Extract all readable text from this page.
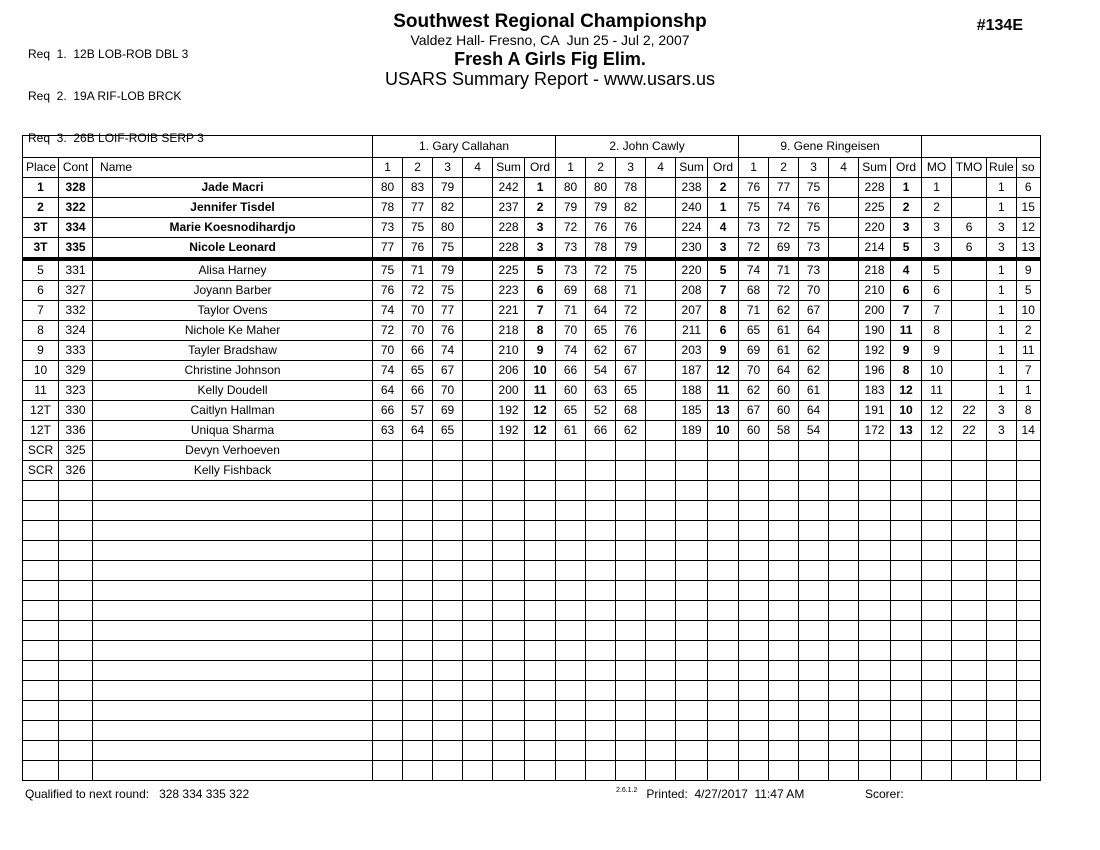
Req  1.  12B LOB-ROB DBL 3

Req  2.  19A RIF-LOB BRCK

Req  3.  26B LOIF-ROIB SERP 3

Southwest Regional Championshp
Valdez Hall- Fresno, CA  Jun 25 - Jul 2, 2007
Fresh A Girls Fig Elim.
USARS Summary Report - www.usars.us
#134E
			1. Gary Callahan						2. John Cawly						9. Gene Ringeisen									
Place	Cont	Name	1	2	3	4	Sum	Ord	1	2	3	4	Sum	Ord	1	2	3	4	Sum	Ord	MO	TMO	Rule	so
1	328	Jade Macri	80	83	79		242	1	80	80	78		238	2	76	77	75		228	1	1		1	6
2	322	Jennifer Tisdel	78	77	82		237	2	79	79	82		240	1	75	74	76		225	2	2		1	15
3T	334	Marie Koesnodihardjo	73	75	80		228	3	72	76	76		224	4	73	72	75		220	3	3	6	3	12
3T	335	Nicole Leonard	77	76	75		228	3	73	78	79		230	3	72	69	73		214	5	3	6	3	13
5	331	Alisa Harney	75	71	79		225	5	73	72	75		220	5	74	71	73		218	4	5		1	9
6	327	Joyann Barber	76	72	75		223	6	69	68	71		208	7	68	72	70		210	6	6		1	5
7	332	Taylor Ovens	74	70	77		221	7	71	64	72		207	8	71	62	67		200	7	7		1	10
8	324	Nichole Ke Maher	72	70	76		218	8	70	65	76		211	6	65	61	64		190	11	8		1	2
9	333	Tayler Bradshaw	70	66	74		210	9	74	62	67		203	9	69	61	62		192	9	9		1	11
10	329	Christine Johnson	74	65	67		206	10	66	54	67		187	12	70	64	62		196	8	10		1	7
11	323	Kelly Doudell	64	66	70		200	11	60	63	65		188	11	62	60	61		183	12	11		1	1
12T	330	Caitlyn Hallman	66	57	69		192	12	65	52	68		185	13	67	60	64		191	10	12	22	3	8
12T	336	Uniqua Sharma	63	64	65		192	12	61	66	62		189	10	60	58	54		172	13	12	22	3	14
SCR	325	Devyn Verhoeven																						
SCR	326	Kelly Fishback																						

Qualified to next round:   328 334 335 322	$^{2.6.1.2}$ Printed:  4/27/2017  11:47 AM	Scorer:
